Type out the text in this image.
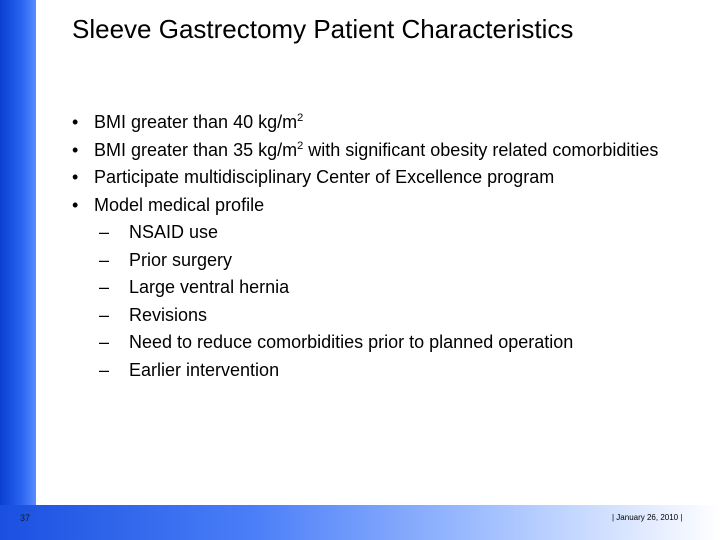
Sleeve Gastrectomy Patient Characteristics
• BMI greater than 40 $kg/m^2$
• BMI greater than 35 $kg/m^2$ with significant obesity related comorbidities
• Participate multidisciplinary Center of Excellence program
• Model medical profile
–	NSAID use
–	Prior surgery
–	Large ventral hernia
–	Revisions
–	Need to reduce comorbidities prior to planned operation
–	Earlier intervention
37	| January 26, 2010 |
